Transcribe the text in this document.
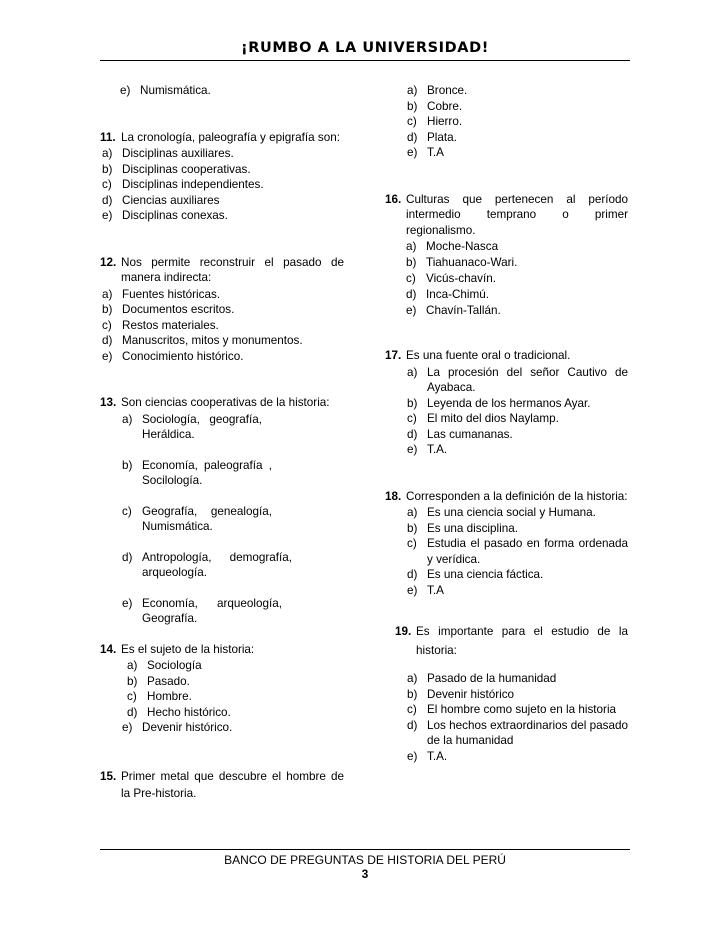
¡RUMBO A LA UNIVERSIDAD!
e) Numismática.
11. La cronología, paleografía y epigrafía son:
a) Disciplinas auxiliares.
b) Disciplinas cooperativas.
c) Disciplinas independientes.
d) Ciencias auxiliares
e) Disciplinas conexas.
12. Nos permite reconstruir el pasado de manera indirecta:
a) Fuentes históricas.
b) Documentos escritos.
c) Restos materiales.
d) Manuscritos, mitos y monumentos.
e) Conocimiento histórico.
13. Son ciencias cooperativas de la historia:
a) Sociología, geografía, Heráldica.
b) Economía, paleografía , Socilología.
c) Geografía, genealogía, Numismática.
d) Antropología, demografía, arqueología.
e) Economía, arqueología, Geografía.
14. Es el sujeto de la historia:
a) Sociología
b) Pasado.
c) Hombre.
d) Hecho histórico.
e) Devenir histórico.
15. Primer metal que descubre el hombre de la Pre-historia.
a) Bronce.
b) Cobre.
c) Hierro.
d) Plata.
e) T.A
16. Culturas que pertenecen al período intermedio temprano o primer regionalismo.
a) Moche-Nasca
b) Tiahuanaco-Wari.
c) Vicús-chavín.
d) Inca-Chimú.
e) Chavín-Tallán.
17. Es una fuente oral o tradicional.
a) La procesión del señor Cautivo de Ayabaca.
b) Leyenda de los hermanos Ayar.
c) El mito del dios Naylamp.
d) Las cumananas.
e) T.A.
18. Corresponden a la definición de la historia:
a) Es una ciencia social y Humana.
b) Es una disciplina.
c) Estudia el pasado en forma ordenada y verídica.
d) Es una ciencia fáctica.
e) T.A
19. Es importante para el estudio de la historia:
a) Pasado de la humanidad
b) Devenir histórico
c) El hombre como sujeto en la historia
d) Los hechos extraordinarios del pasado de la humanidad
e) T.A.
BANCO DE PREGUNTAS DE HISTORIA DEL PERÚ
3
